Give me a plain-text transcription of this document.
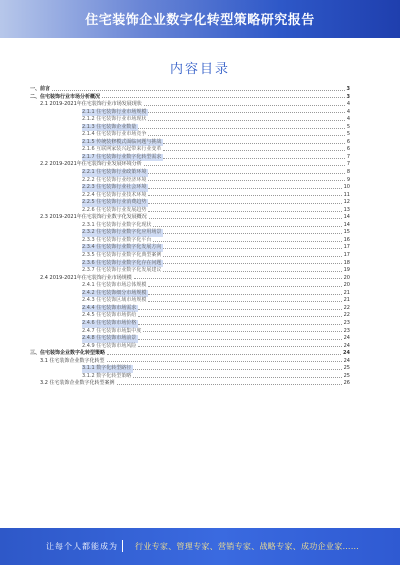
住宅装饰企业数字化转型策略研究报告
内容目录
一、前言	3
二、住宅装饰行业市场分析概况	3
2.1 2019-2021年住宅装饰行业市场发展现状	4
2.1.1 住宅装饰行业市场规模	4
2.1.2 住宅装饰行业市场现状	4
2.1.3 住宅装饰企业数量	5
2.1.4 住宅装饰行业市场竞争	5
2.1.5 传统装修模式面临问题与挑战	6
2.1.6 互联网家装兴起带来行业变革	6
2.1.7 住宅装饰行业数字化转型需求	7
2.2 2019-2021年住宅装饰行业发展环境分析	7
2.2.1 住宅装饰行业政策环境	8
2.2.2 住宅装饰行业经济环境	9
2.2.3 住宅装饰行业社会环境	10
2.2.4 住宅装饰行业技术环境	11
2.2.5 住宅装饰行业消费趋势	12
2.2.6 住宅装饰行业发展趋势	13
2.3 2019-2021年住宅装饰行业数字化发展概况	14
2.3.1 住宅装饰行业数字化现状	14
2.3.2 住宅装饰行业数字化应用场景	15
2.3.3 住宅装饰行业数字化平台	16
2.3.4 住宅装饰行业数字化发展方向	17
2.3.5 住宅装饰行业数字化典型案例	17
2.3.6 住宅装饰行业数字化存在问题	18
2.3.7 住宅装饰行业数字化发展建议	19
2.4 2019-2021年住宅装饰行业市场规模	20
2.4.1 住宅装饰市场总体规模	20
2.4.2 住宅装饰细分市场规模	21
2.4.3 住宅装饰区域市场规模	21
2.4.4 住宅装饰市场需求	22
2.4.5 住宅装饰市场供给	22
2.4.6 住宅装饰市场价格	23
2.4.7 住宅装饰市场集中度	23
2.4.8 住宅装饰市场前景	24
2.4.9 住宅装饰市场风险	24
三、住宅装饰企业数字化转型策略	24
3.1 住宅装饰企业数字化转型	24
3.1.1 数字化转型路径	25
3.1.2 数字化转型策略	25
3.2 住宅装饰企业数字化转型案例	26
让每个人都能成为 行业专家、管理专家、营销专家、战略专家、成功企业家……
